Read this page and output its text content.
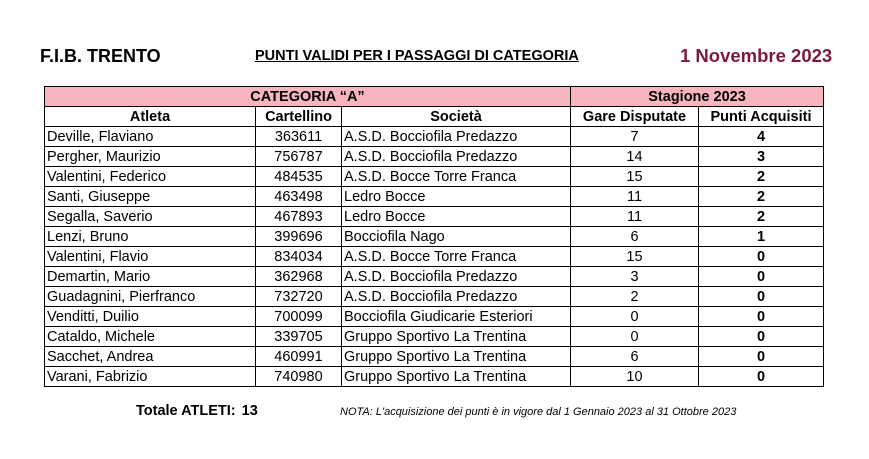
F.I.B. TRENTO	PUNTI VALIDI PER I PASSAGGI DI CATEGORIA	1 Novembre 2023
CATEGORIA “A”			Stagione 2023	
Atleta	Cartellino	Società	Gare Disputate	Punti Acquisiti
Deville, Flaviano	363611	A.S.D. Bocciofila Predazzo	7	4
Pergher, Maurizio	756787	A.S.D. Bocciofila Predazzo	14	3
Valentini, Federico	484535	A.S.D. Bocce Torre Franca	15	2
Santi, Giuseppe	463498	Ledro Bocce	11	2
Segalla, Saverio	467893	Ledro Bocce	11	2
Lenzi, Bruno	399696	Bocciofila Nago	6	1
Valentini, Flavio	834034	A.S.D. Bocce Torre Franca	15	0
Demartin, Mario	362968	A.S.D. Bocciofila Predazzo	3	0
Guadagnini, Pierfranco	732720	A.S.D. Bocciofila Predazzo	2	0
Venditti, Duilio	700099	Bocciofila Giudicarie Esteriori	0	0
Cataldo, Michele	339705	Gruppo Sportivo La Trentina	0	0
Sacchet, Andrea	460991	Gruppo Sportivo La Trentina	6	0
Varani, Fabrizio	740980	Gruppo Sportivo La Trentina	10	0
Totale ATLETI: 13	NOTA: L'acquisizione dei punti è in vigore dal 1 Gennaio 2023 al 31 Ottobre 2023
